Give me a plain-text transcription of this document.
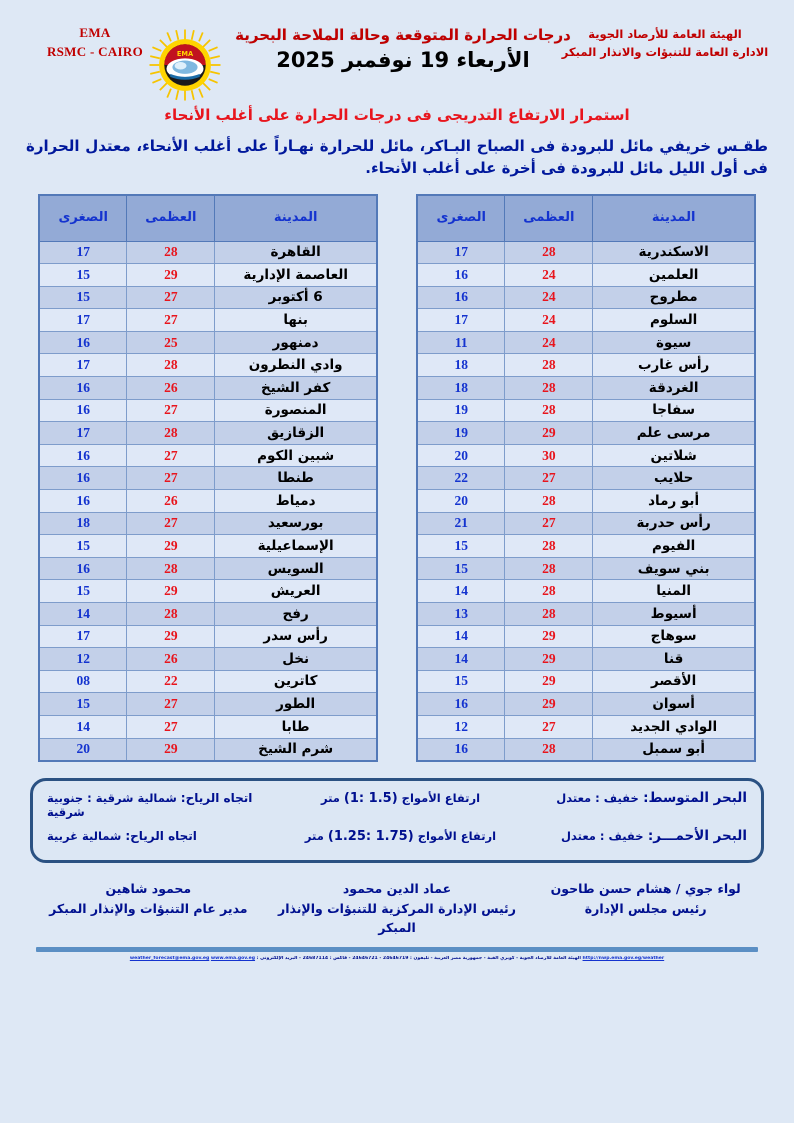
EMA
RSMC - CAIRO	EMA
درجات الحرارة المتوقعة وحالة الملاحة البحرية
الأربعاء 19 نوفمبر 2025
الهيئة العامة للأرصاد الجوية
الادارة العامة للتنبؤات والانذار المبكر
استمرار الارتفاع التدريجى فى درجات الحرارة على أغلب الأنحاء
طقـس خريفي مائل للبرودة فى الصباح البـاكر، مائل للحرارة نهـاراً على أغلب الأنحاء، معتدل الحرارة فى أول الليل مائل للبرودة فى أخرة على أغلب الأنحاء.
المدينة	العظمى	الصغرى
القاهرة	28	17
العاصمة الإدارية	29	15
6 أكتوبر	27	15
بنها	27	17
دمنهور	25	16
وادي النطرون	28	17
كفر الشيخ	26	16
المنصورة	27	16
الزقازيق	28	17
شبين الكوم	27	16
طنطا	27	16
دمياط	26	16
بورسعيد	27	18
الإسماعيلية	29	15
السويس	28	16
العريش	29	15
رفح	28	14
رأس سدر	29	17
نخل	26	12
كاترين	22	08
الطور	27	15
طابا	27	14
شرم الشيخ	29	20
المدينة	العظمى	الصغرى
الاسكندرية	28	17
العلمين	24	16
مطروح	24	16
السلوم	24	17
سيوة	24	11
رأس غارب	28	18
الغردقة	28	18
سفاجا	28	19
مرسى علم	29	19
شلاتين	30	20
حلايب	27	22
أبو رماد	28	20
رأس حدربة	27	21
الفيوم	28	15
بني سويف	28	15
المنيا	28	14
أسيوط	28	13
سوهاج	29	14
قنا	29	14
الأقصر	29	15
أسوان	29	16
الوادي الجديد	27	12
أبو سمبل	28	16
البحر المتوسط: خفيف : معتدل
ارتفاع الأمواج (1.5 :1) متر
اتجاه الرياح: شمالية شرقية : جنوبية شرقية
البحر الأحمـــر: خفيف : معتدل
ارتفاع الأمواج (1.75 :1.25) متر
اتجاه الرياح: شمالية غربية
لواء جوي / هشام حسن طاحون
رئيس مجلس الإدارة
عماد الدين محمود
رئيس الإدارة المركزية للتنبؤات والإنذار المبكر
محمود شاهين
مدير عام التنبؤات والإنذار المبكر
http://nwp.ema.gov.eg/weather الهيئة العامة للأرصاد الجوية - كوبري القبة - جمهورية مصر العربية - تليفون : 24646719 - 24646721 - فاكس : 24687114 - البريد الإلكتروني : weather_forecast@ema.gov.eg www.ema.gov.eg
